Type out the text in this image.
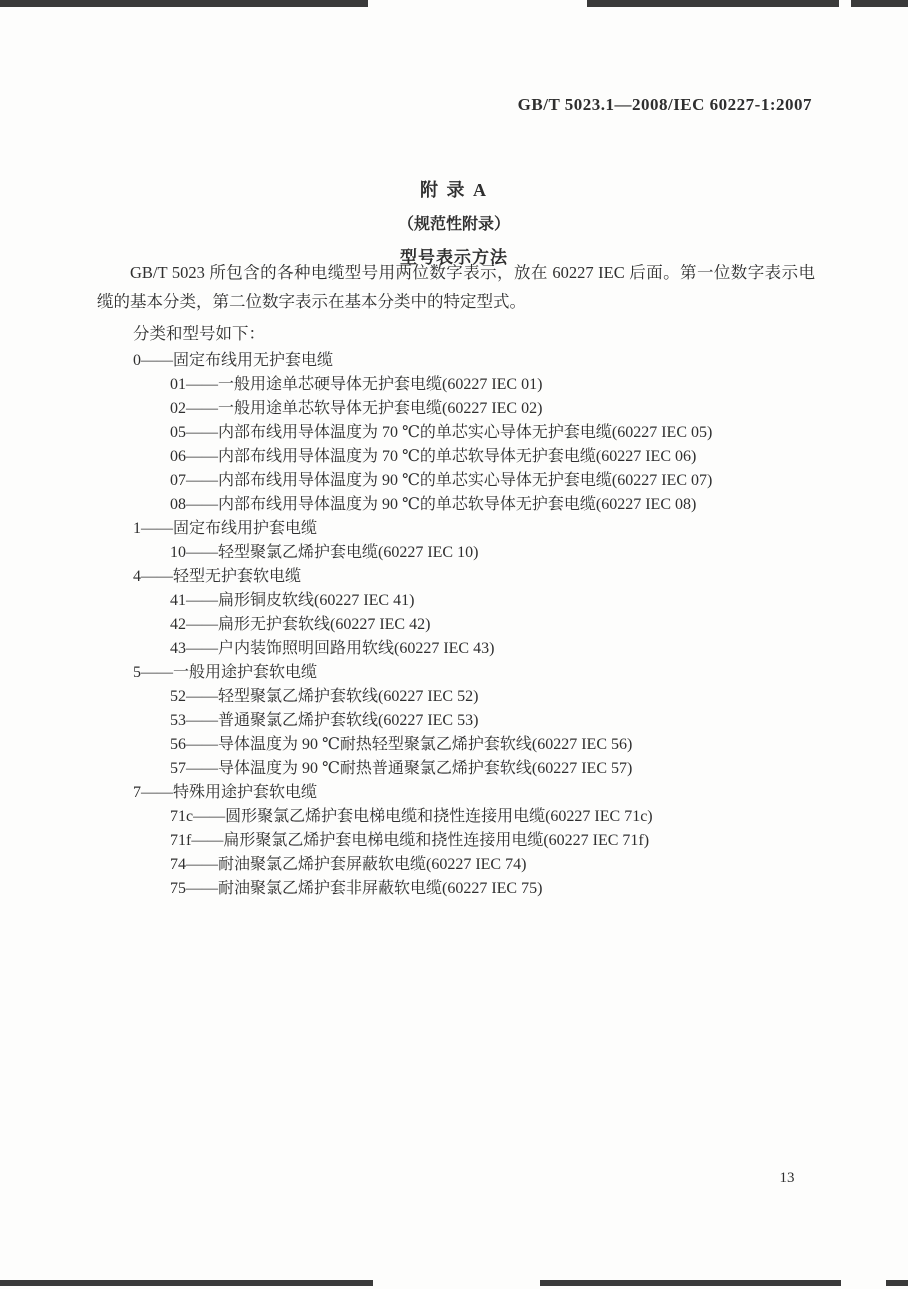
GB/T 5023.1—2008/IEC 60227-1:2007
附 录 A
（规范性附录）
型号表示方法

GB/T 5023 所包含的各种电缆型号用两位数字表示，放在 60227 IEC 后面。第一位数字表示电缆的基本分类，第二位数字表示在基本分类中的特定型式。

分类和型号如下：
0——固定布线用无护套电缆
01——一般用途单芯硬导体无护套电缆(60227 IEC 01)
02——一般用途单芯软导体无护套电缆(60227 IEC 02)
05——内部布线用导体温度为 70 ℃的单芯实心导体无护套电缆(60227 IEC 05)
06——内部布线用导体温度为 70 ℃的单芯软导体无护套电缆(60227 IEC 06)
07——内部布线用导体温度为 90 ℃的单芯实心导体无护套电缆(60227 IEC 07)
08——内部布线用导体温度为 90 ℃的单芯软导体无护套电缆(60227 IEC 08)
1——固定布线用护套电缆
10——轻型聚氯乙烯护套电缆(60227 IEC 10)
4——轻型无护套软电缆
41——扁形铜皮软线(60227 IEC 41)
42——扁形无护套软线(60227 IEC 42)
43——户内装饰照明回路用软线(60227 IEC 43)
5——一般用途护套软电缆
52——轻型聚氯乙烯护套软线(60227 IEC 52)
53——普通聚氯乙烯护套软线(60227 IEC 53)
56——导体温度为 90 ℃耐热轻型聚氯乙烯护套软线(60227 IEC 56)
57——导体温度为 90 ℃耐热普通聚氯乙烯护套软线(60227 IEC 57)
7——特殊用途护套软电缆
71c——圆形聚氯乙烯护套电梯电缆和挠性连接用电缆(60227 IEC 71c)
71f——扁形聚氯乙烯护套电梯电缆和挠性连接用电缆(60227 IEC 71f)
74——耐油聚氯乙烯护套屏蔽软电缆(60227 IEC 74)
75——耐油聚氯乙烯护套非屏蔽软电缆(60227 IEC 75)
13
